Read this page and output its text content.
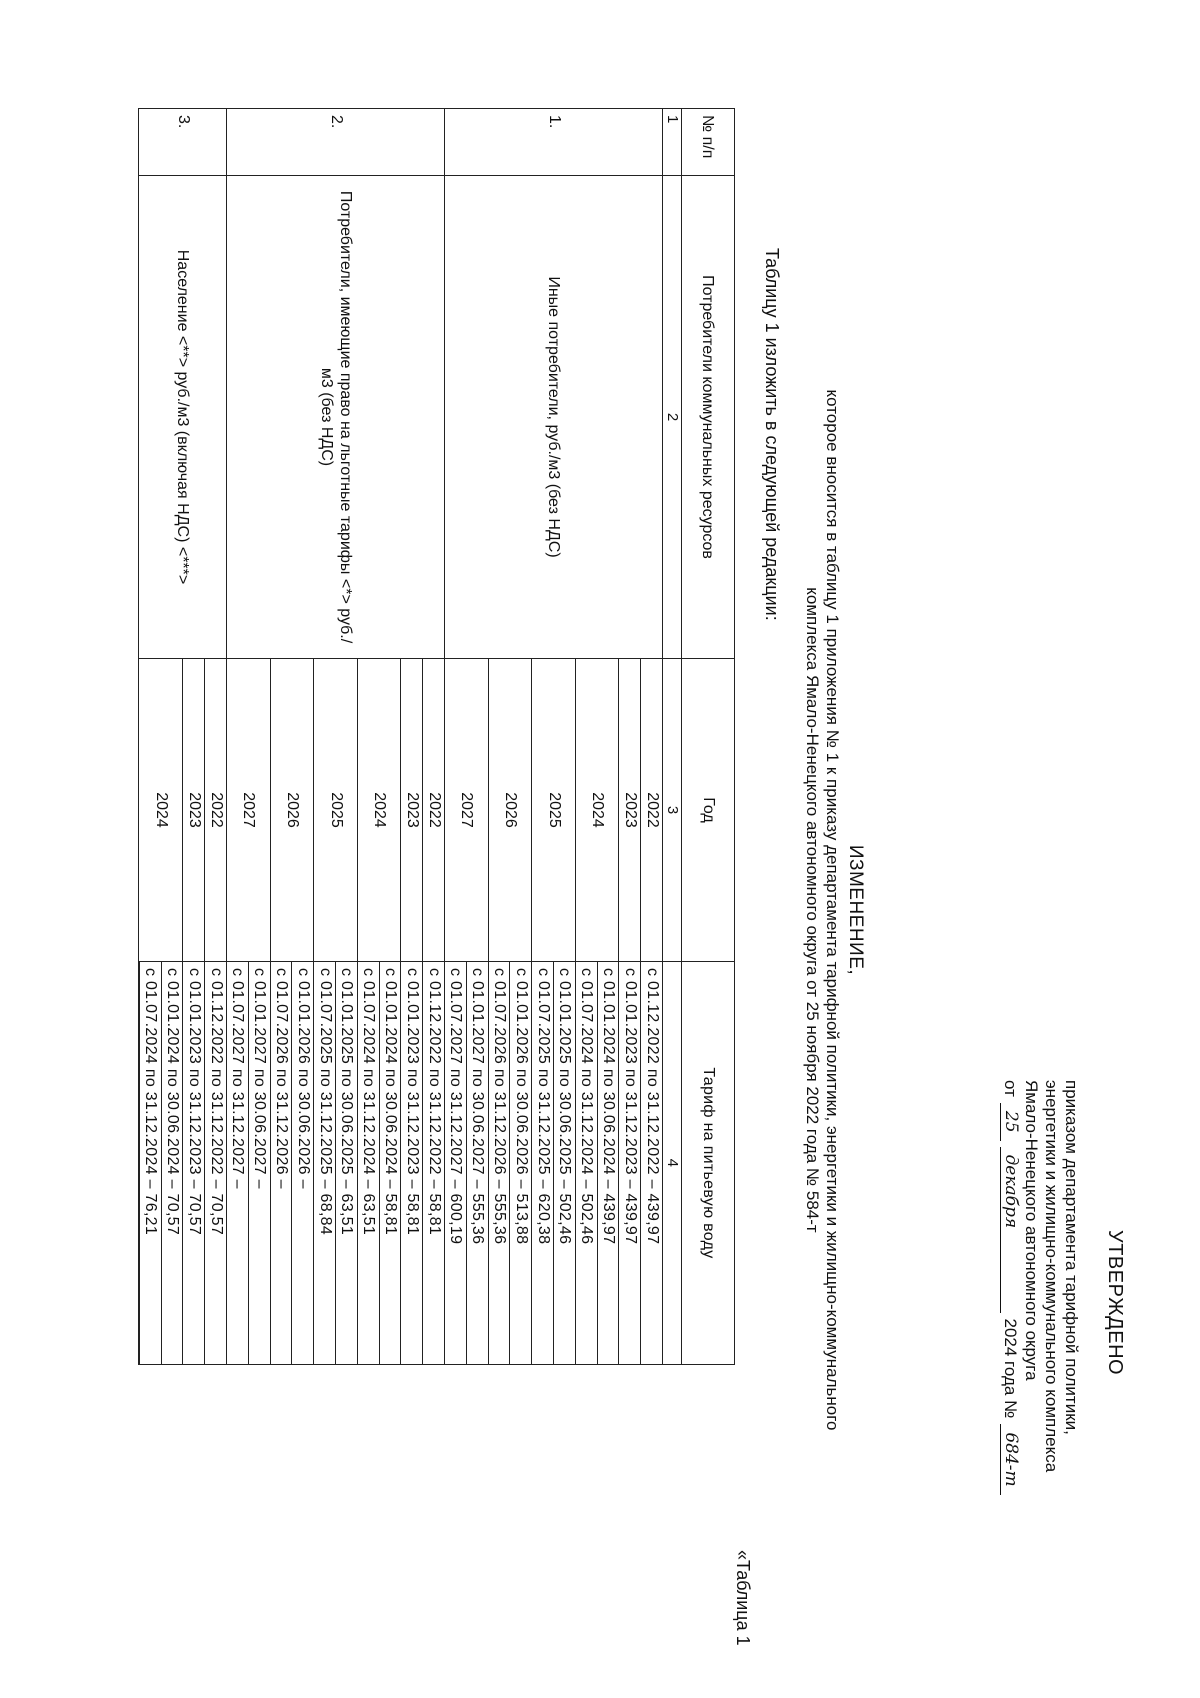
УТВЕРЖДЕНО

приказом департамента тарифной политики,

энергетики и жилищно-коммунального комплекса

Ямало-Ненецкого автономного округа

от
25
декабря
2024 года №
684-т

ИЗМЕНЕНИЕ,

которое вносится в таблицу 1 приложения № 1 к приказу департамента тарифной политики, энергетики и жилищно-коммунального

комплекса Ямало-Ненецкого автономного округа от 25 ноября 2022 года № 584-т

Таблицу 1 изложить в следующей редакции:
«Таблица 1
№ п/п	Потребители коммунальных ресурсов	Год	Тариф на питьевую воду
1	2	3	4
1.	Иные потребители, руб./м3 (без НДС)	2022	с 01.12.2022 по 31.12.2022 – 439,97
		2023	с 01.01.2023 по 31.12.2023 – 439,97
		2024	с 01.01.2024 по 30.06.2024 – 439,97
			с 01.07.2024 по 31.12.2024 – 502,46
		2025	с 01.01.2025 по 30.06.2025 – 502,46
			с 01.07.2025 по 31.12.2025 – 620,38
		2026	с 01.01.2026 по 30.06.2026 – 513,88
			с 01.07.2026 по 31.12.2026 – 555,36
		2027	с 01.01.2027 по 30.06.2027 – 555,36
			с 01.07.2027 по 31.12.2027 – 600,19
2.	Потребители, имеющие право на льготные тарифы <*> руб./м3 (без НДС)	2022	с 01.12.2022 по 31.12.2022 – 58,81
		2023	с 01.01.2023 по 31.12.2023 – 58,81
		2024	с 01.01.2024 по 30.06.2024 – 58,81
			с 01.07.2024 по 31.12.2024 – 63,51
		2025	с 01.01.2025 по 30.06.2025 – 63,51
			с 01.07.2025 по 31.12.2025 – 68,84
		2026	с 01.01.2026 по 30.06.2026 –
			с 01.07.2026 по 31.12.2026 –
		2027	с 01.01.2027 по 30.06.2027 –
			с 01.07.2027 по 31.12.2027 –
3.	Население <**> руб./м3 (включая НДС) <***>	2022	с 01.12.2022 по 31.12.2022 – 70,57
		2023	с 01.01.2023 по 31.12.2023 – 70,57
		2024	с 01.01.2024 по 30.06.2024 – 70,57
			с 01.07.2024 по 31.12.2024 – 76,21
